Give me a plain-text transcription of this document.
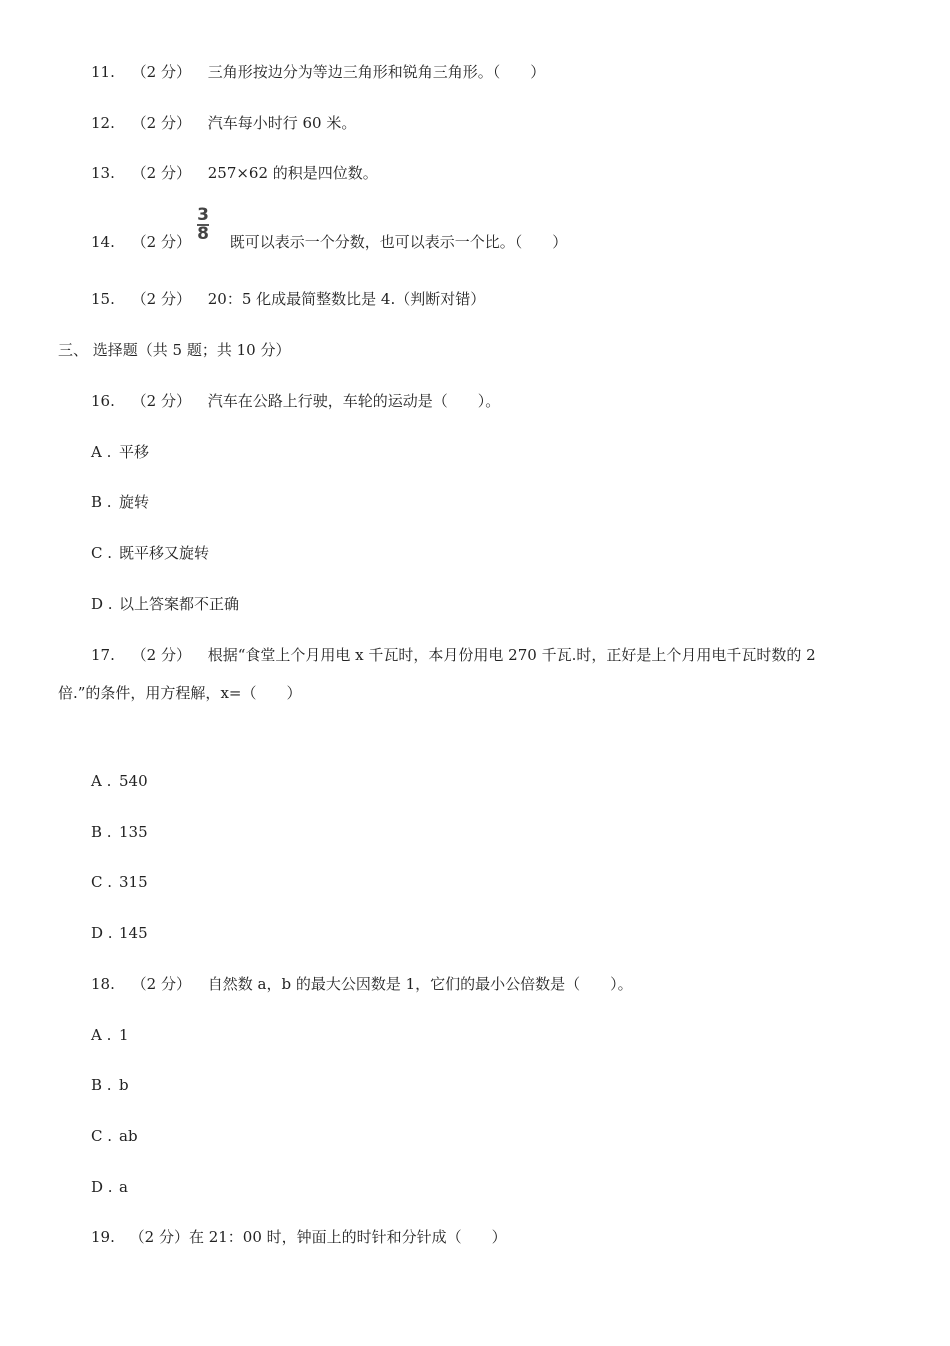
11. （2 分） 三角形按边分为等边三角形和锐角三角形。（　　）
12. （2 分） 汽车每小时行 60 米。
13. （2 分） 257×62 的积是四位数。
3
8
14. （2 分）	既可以表示一个分数，也可以表示一个比。（　　）
15. （2 分） 20：5 化成最简整数比是 4.（判断对错）
三、 选择题（共 5 题；共 10 分）
16. （2 分） 汽车在公路上行驶，车轮的运动是（　　）。
A . 平移
B . 旋转
C . 既平移又旋转
D . 以上答案都不正确
17. （2 分） 根据“食堂上个月用电 x 千瓦时，本月份用电 270 千瓦.时，正好是上个月用电千瓦时数的 2
倍.”的条件，用方程解，x=（　　）
A . 540
B . 135
C . 315
D . 145
18. （2 分） 自然数 a，b 的最大公因数是 1，它们的最小公倍数是（　　）。
A . 1
B . b
C . ab
D . a
19. （2 分）在 21：00 时，钟面上的时针和分针成（　　）
